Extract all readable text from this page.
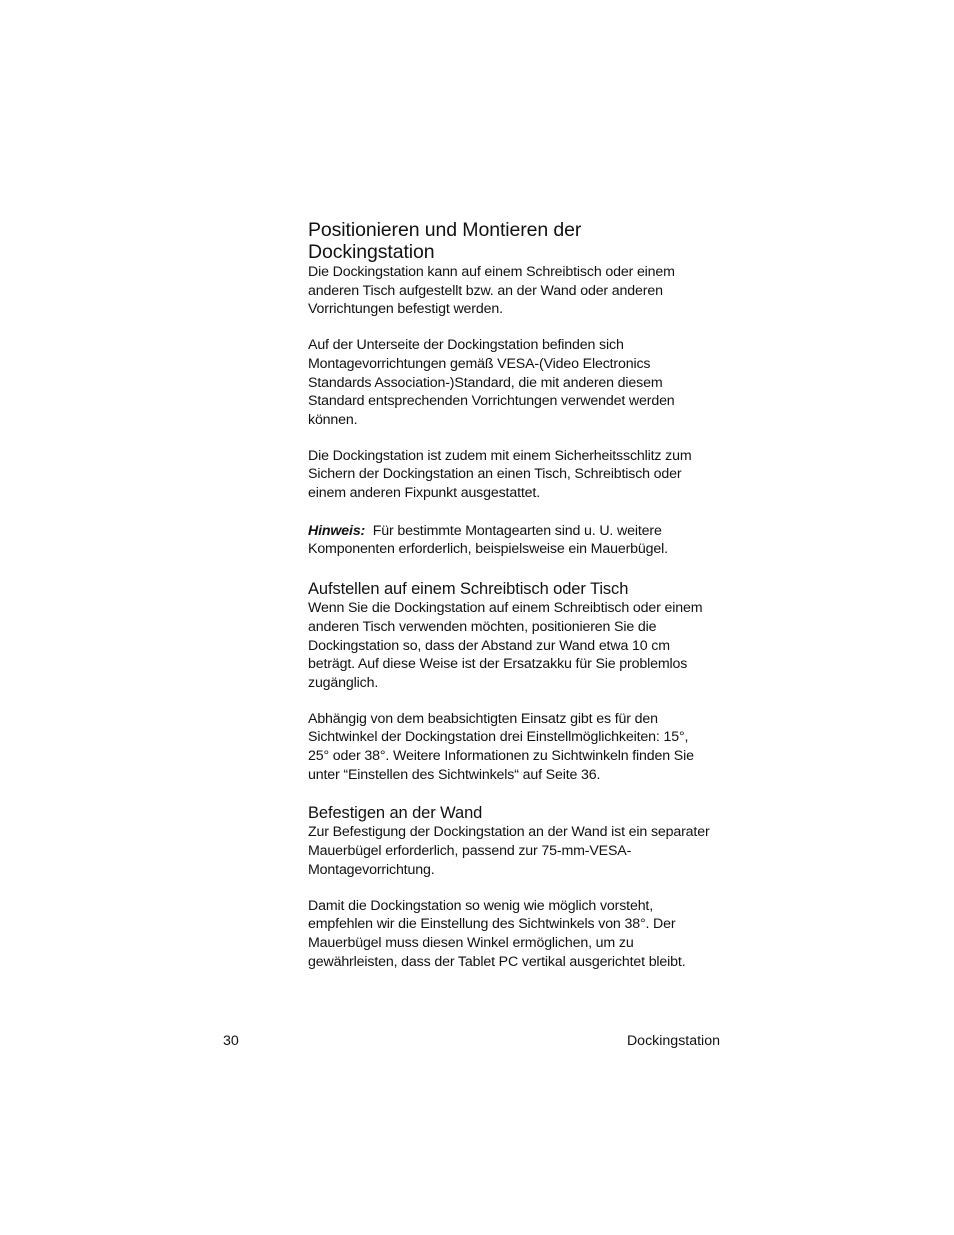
Positionieren und Montieren der
Dockingstation

Die Dockingstation kann auf einem Schreibtisch oder einem
anderen Tisch aufgestellt bzw. an der Wand oder anderen
Vorrichtungen befestigt werden.

Auf der Unterseite der Dockingstation befinden sich
Montagevorrichtungen gemäß VESA-(Video Electronics
Standards Association-)Standard, die mit anderen diesem
Standard entsprechenden Vorrichtungen verwendet werden
können.

Die Dockingstation ist zudem mit einem Sicherheitsschlitz zum
Sichern der Dockingstation an einen Tisch, Schreibtisch oder
einem anderen Fixpunkt ausgestattet.

Hinweis: Für bestimmte Montagearten sind u. U. weitere
Komponenten erforderlich, beispielsweise ein Mauerbügel.

Aufstellen auf einem Schreibtisch oder Tisch

Wenn Sie die Dockingstation auf einem Schreibtisch oder einem
anderen Tisch verwenden möchten, positionieren Sie die
Dockingstation so, dass der Abstand zur Wand etwa 10 cm
beträgt. Auf diese Weise ist der Ersatzakku für Sie problemlos
zugänglich.

Abhängig von dem beabsichtigten Einsatz gibt es für den
Sichtwinkel der Dockingstation drei Einstellmöglichkeiten: 15°,
25° oder 38°. Weitere Informationen zu Sichtwinkeln finden Sie
unter “Einstellen des Sichtwinkels“ auf Seite 36.

Befestigen an der Wand

Zur Befestigung der Dockingstation an der Wand ist ein separater
Mauerbügel erforderlich, passend zur 75-mm-VESA-
Montagevorrichtung.

Damit die Dockingstation so wenig wie möglich vorsteht,
empfehlen wir die Einstellung des Sichtwinkels von 38°. Der
Mauerbügel muss diesen Winkel ermöglichen, um zu
gewährleisten, dass der Tablet PC vertikal ausgerichtet bleibt.

30	Dockingstation
